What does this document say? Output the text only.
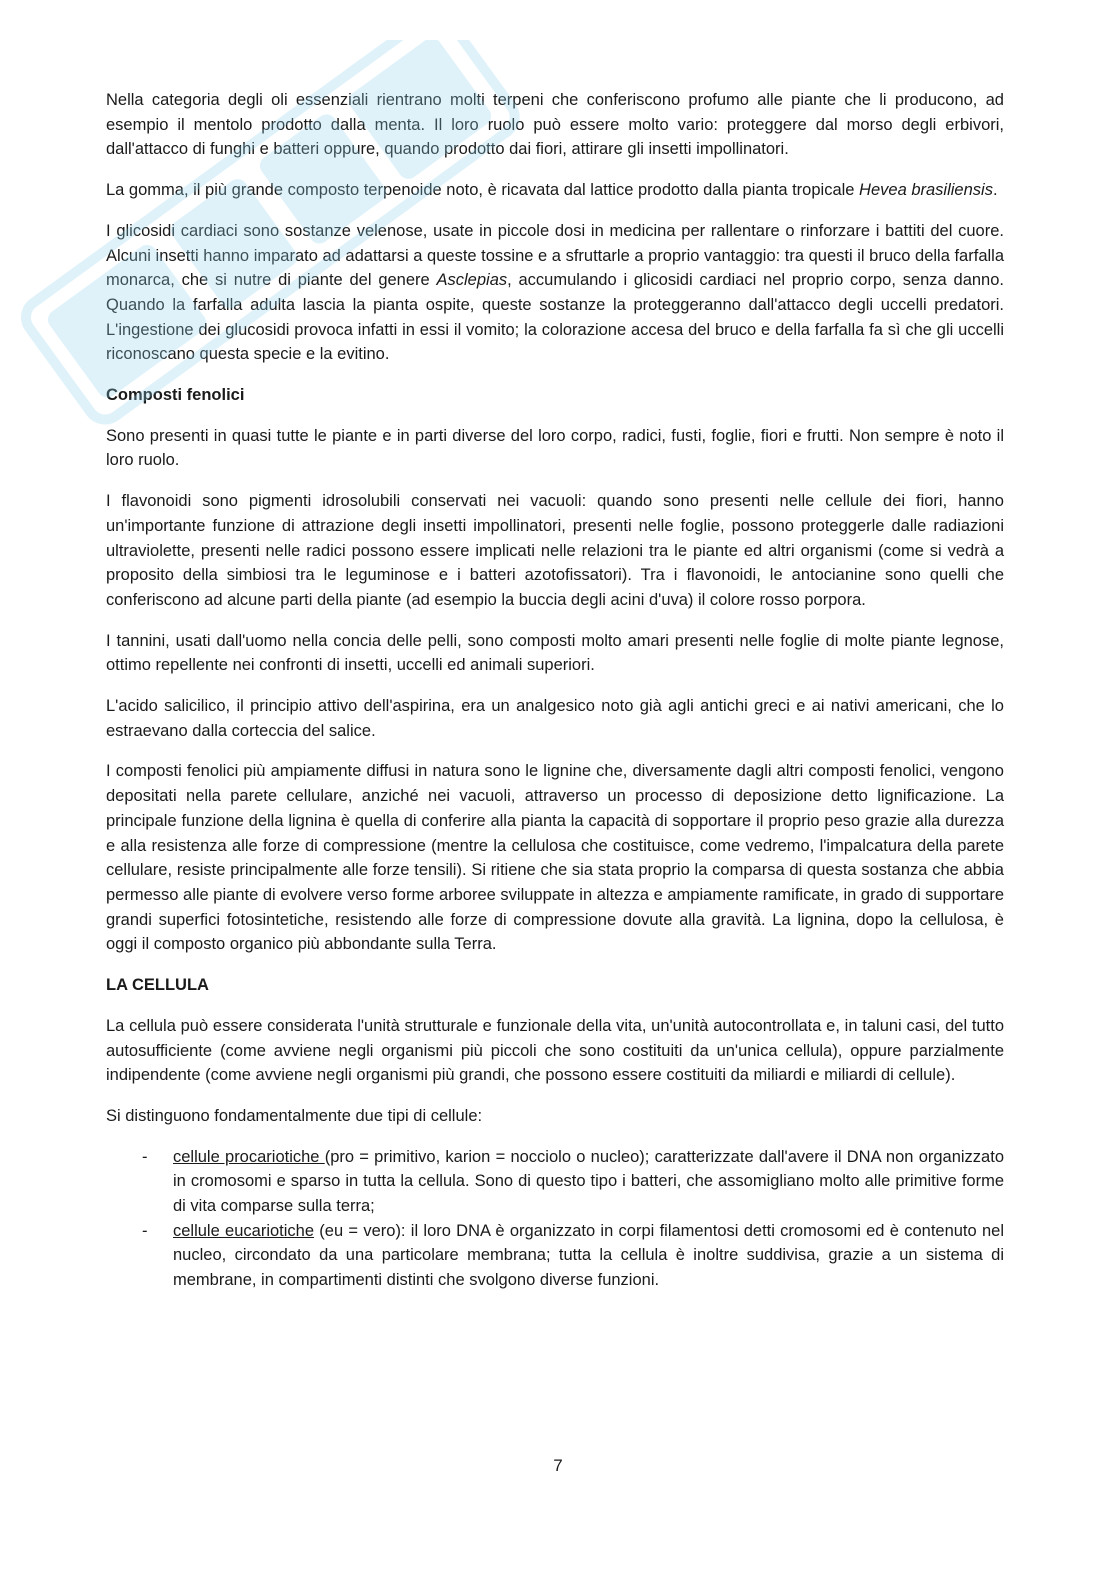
Nella categoria degli oli essenziali rientrano molti terpeni che conferiscono profumo alle piante che li producono, ad esempio il mentolo prodotto dalla menta. Il loro ruolo può essere molto vario: proteggere dal morso degli erbivori, dall'attacco di funghi e batteri oppure, quando prodotto dai fiori, attirare gli insetti impollinatori.

La gomma, il più grande composto terpenoide noto, è ricavata dal lattice prodotto dalla pianta tropicale Hevea brasiliensis.

I glicosidi cardiaci sono sostanze velenose, usate in piccole dosi in medicina per rallentare o rinforzare i battiti del cuore. Alcuni insetti hanno imparato ad adattarsi a queste tossine e a sfruttarle a proprio vantaggio: tra questi il bruco della farfalla monarca, che si nutre di piante del genere Asclepias, accumulando i glicosidi cardiaci nel proprio corpo, senza danno. Quando la farfalla adulta lascia la pianta ospite, queste sostanze la proteggeranno dall'attacco degli uccelli predatori. L'ingestione dei glucosidi provoca infatti in essi il vomito; la colorazione accesa del bruco e della farfalla fa sì che gli uccelli riconoscano questa specie e la evitino.

Composti fenolici

Sono presenti in quasi tutte le piante e in parti diverse del loro corpo, radici, fusti, foglie, fiori e frutti. Non sempre è noto il loro ruolo.

I flavonoidi sono pigmenti idrosolubili conservati nei vacuoli: quando sono presenti nelle cellule dei fiori, hanno un'importante funzione di attrazione degli insetti impollinatori, presenti nelle foglie, possono proteggerle dalle radiazioni ultraviolette, presenti nelle radici possono essere implicati nelle relazioni tra le piante ed altri organismi (come si vedrà a proposito della simbiosi tra le leguminose e i batteri azotofissatori). Tra i flavonoidi, le antocianine sono quelli che conferiscono ad alcune parti della piante (ad esempio la buccia degli acini d'uva) il colore rosso porpora.

I tannini, usati dall'uomo nella concia delle pelli, sono composti molto amari presenti nelle foglie di molte piante legnose, ottimo repellente nei confronti di insetti, uccelli ed animali superiori.

L'acido salicilico, il principio attivo dell'aspirina, era un analgesico noto già agli antichi greci e ai nativi americani, che lo estraevano dalla corteccia del salice.

I composti fenolici più ampiamente diffusi in natura sono le lignine che, diversamente dagli altri composti fenolici, vengono depositati nella parete cellulare, anziché nei vacuoli, attraverso un processo di deposizione detto lignificazione. La principale funzione della lignina è quella di conferire alla pianta la capacità di sopportare il proprio peso grazie alla durezza e alla resistenza alle forze di compressione (mentre la cellulosa che costituisce, come vedremo, l'impalcatura della parete cellulare, resiste principalmente alle forze tensili). Si ritiene che sia stata proprio la comparsa di questa sostanza che abbia permesso alle piante di evolvere verso forme arboree sviluppate in altezza e ampiamente ramificate, in grado di supportare grandi superfici fotosintetiche, resistendo alle forze di compressione dovute alla gravità. La lignina, dopo la cellulosa, è oggi il composto organico più abbondante sulla Terra.

LA CELLULA

La cellula può essere considerata l'unità strutturale e funzionale della vita, un'unità autocontrollata e, in taluni casi, del tutto autosufficiente (come avviene negli organismi più piccoli che sono costituiti da un'unica cellula), oppure parzialmente indipendente (come avviene negli organismi più grandi, che possono essere costituiti da miliardi e miliardi di cellule).

Si distinguono fondamentalmente due tipi di cellule:

- cellule procariotiche (pro = primitivo, karion = nocciolo o nucleo); caratterizzate dall'avere il DNA non organizzato in cromosomi e sparso in tutta la cellula. Sono di questo tipo i batteri, che assomigliano molto alle primitive forme di vita comparse sulla terra;
- cellule eucariotiche (eu = vero): il loro DNA è organizzato in corpi filamentosi detti cromosomi ed è contenuto nel nucleo, circondato da una particolare membrana; tutta la cellula è inoltre suddivisa, grazie a un sistema di membrane, in compartimenti distinti che svolgono diverse funzioni.
7
